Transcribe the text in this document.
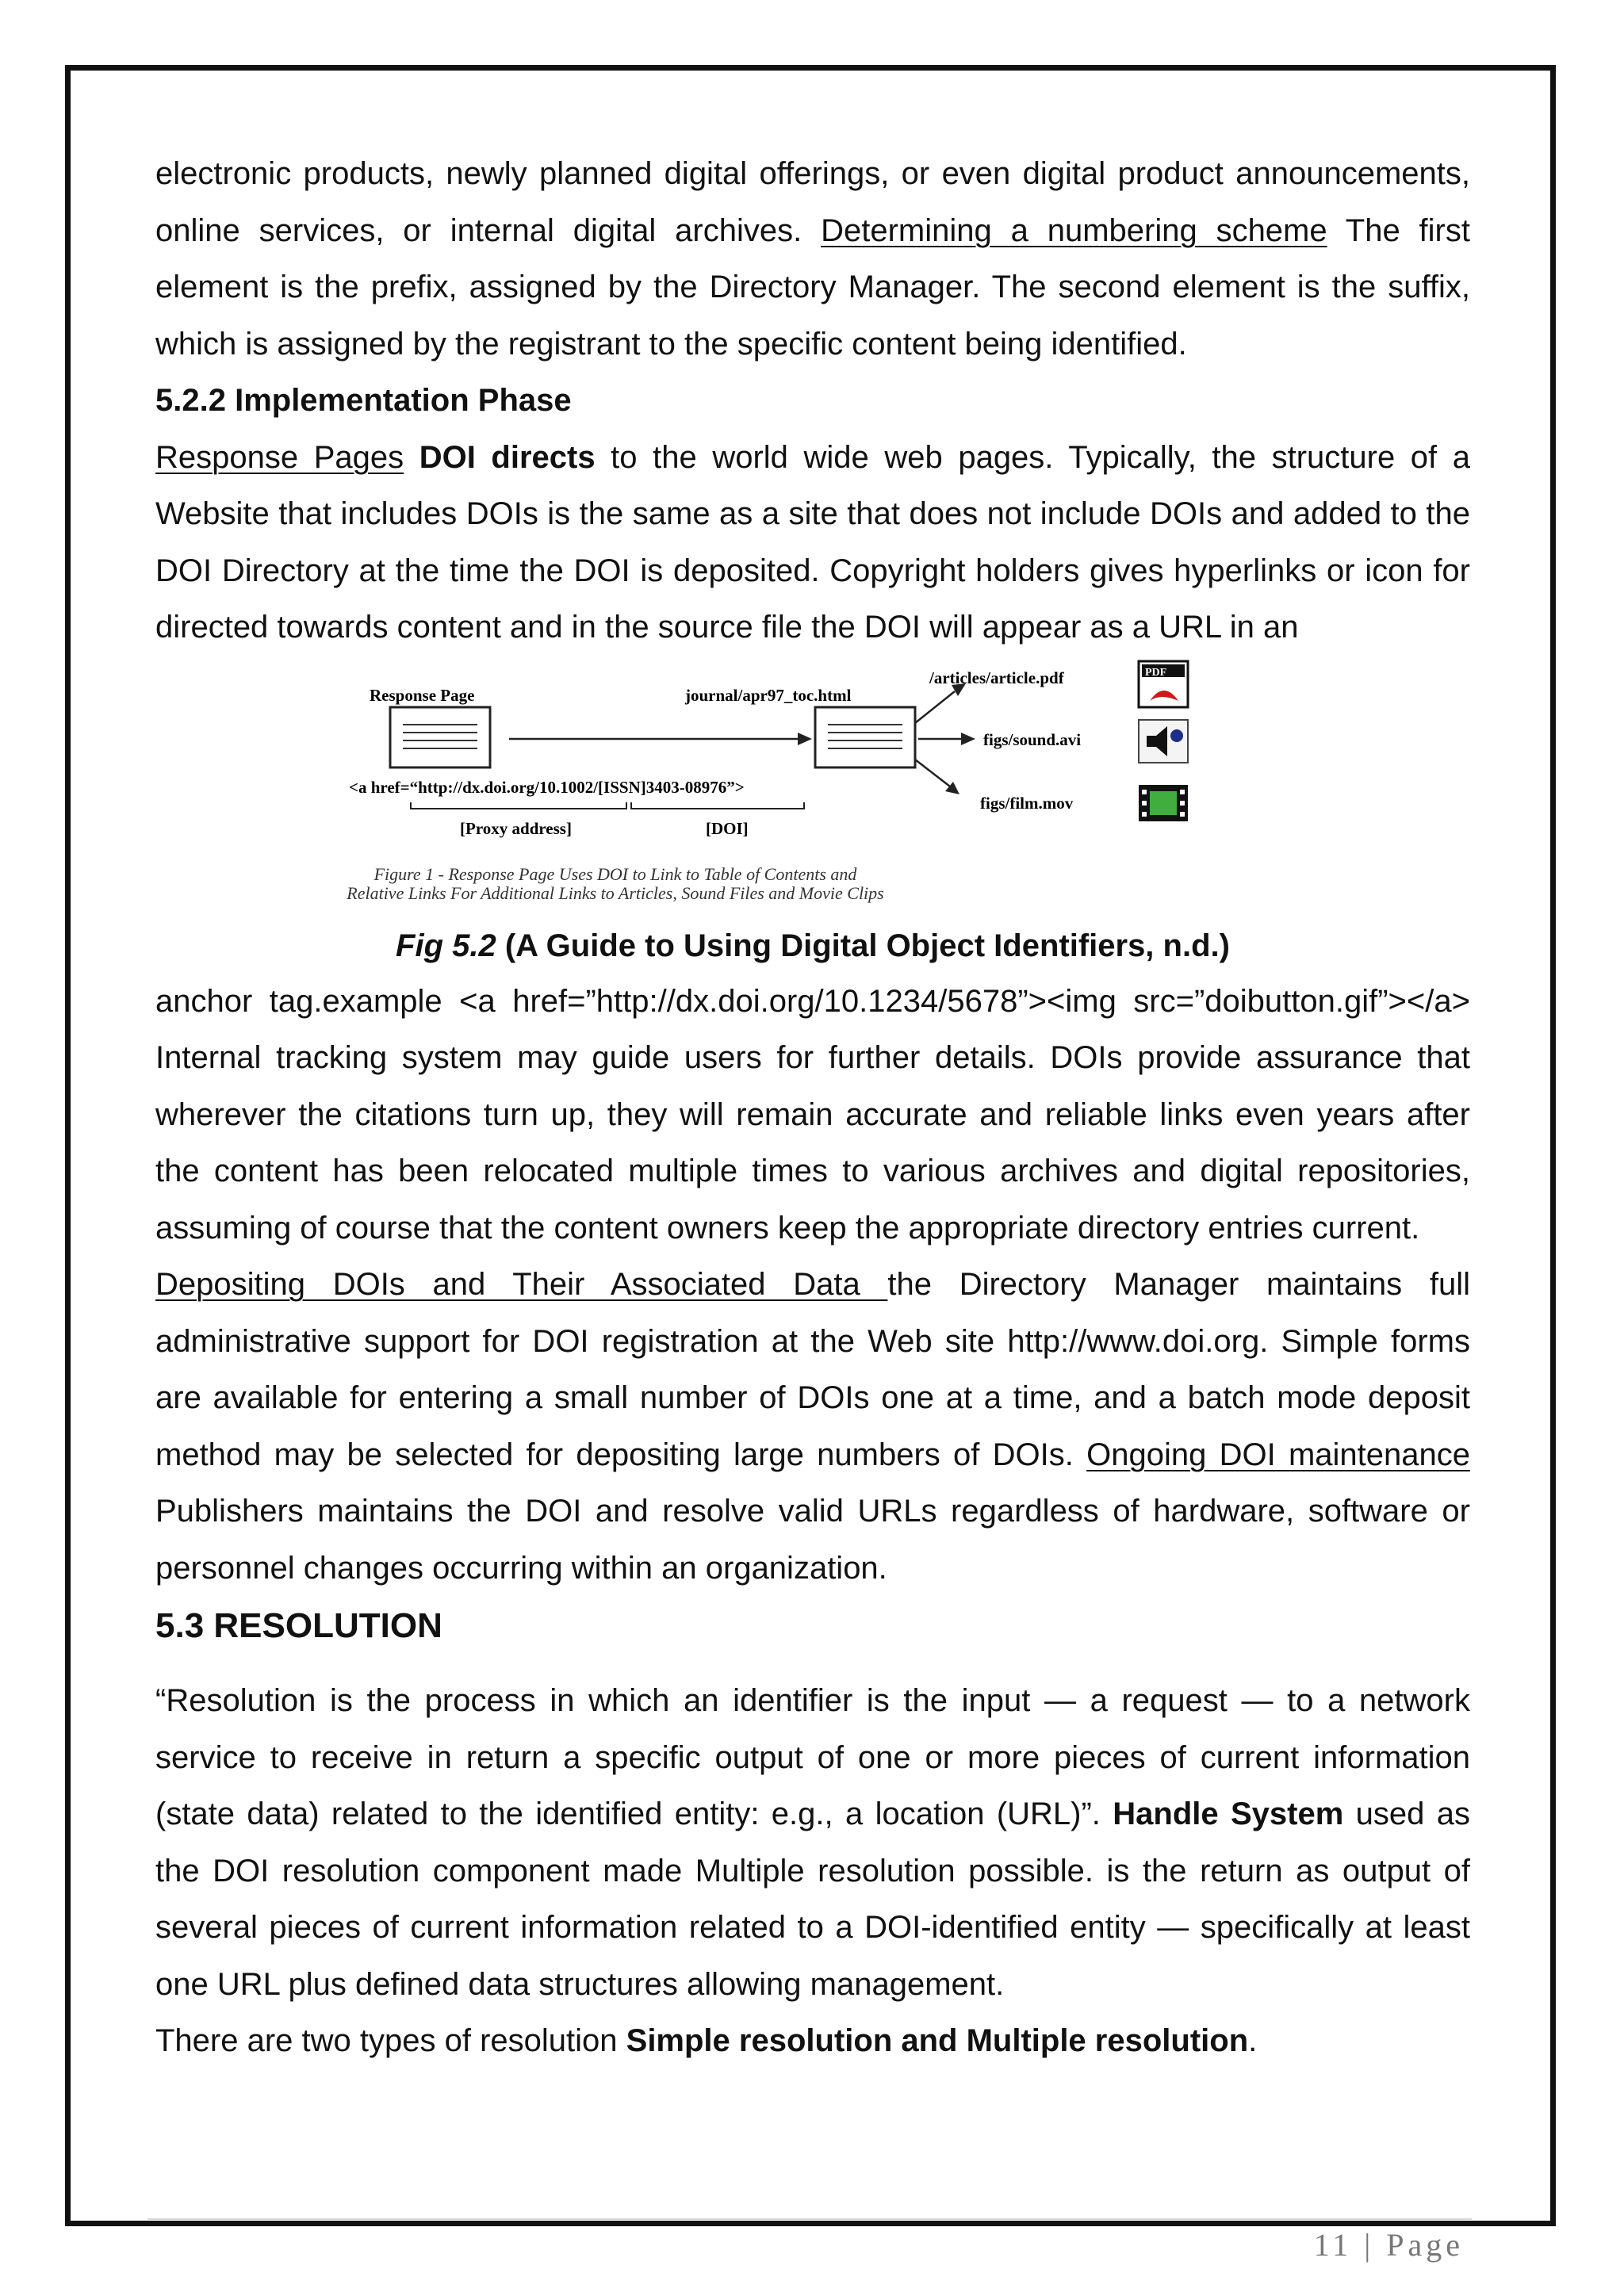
electronic products, newly planned digital offerings, or even digital product announcements, online services, or internal digital archives. Determining a numbering scheme The first element is the prefix, assigned by the Directory Manager. The second element is the suffix, which is assigned by the registrant to the specific content being identified.

5.2.2 Implementation Phase

Response Pages DOI directs to the world wide web pages. Typically, the structure of a Website that includes DOIs is the same as a site that does not include DOIs and added to the DOI Directory at the time the DOI is deposited. Copyright holders gives hyperlinks or icon for directed towards content and in the source file the DOI will appear as a URL in an

Response Page	journal/apr97_toc.html
/articles/article.pdf	PDF
figs/sound.avi
figs/film.mov
<a href=“http://dx.doi.org/10.1002/[ISSN]3403-08976”>
[Proxy address]	[DOI]
Figure 1 - Response Page Uses DOI to Link to Table of Contents and
Relative Links For Additional Links to Articles, Sound Files and Movie Clips
Fig 5.2 (A Guide to Using Digital Object Identifiers, n.d.)

anchor tag.example <a href=”http://dx.doi.org/10.1234/5678”><img src=”doibutton.gif”></a> Internal tracking system may guide users for further details. DOIs provide assurance that wherever the citations turn up, they will remain accurate and reliable links even years after the content has been relocated multiple times to various archives and digital repositories, assuming of course that the content owners keep the appropriate directory entries current.

Depositing DOIs and Their Associated Data the Directory Manager maintains full administrative support for DOI registration at the Web site http://www.doi.org. Simple forms are available for entering a small number of DOIs one at a time, and a batch mode deposit method may be selected for depositing large numbers of DOIs. Ongoing DOI maintenance Publishers maintains the DOI and resolve valid URLs regardless of hardware, software or personnel changes occurring within an organization.

5.3 RESOLUTION

“Resolution is the process in which an identifier is the input — a request — to a network service to receive in return a specific output of one or more pieces of current information (state data) related to the identified entity: e.g., a location (URL)”. Handle System used as the DOI resolution component made Multiple resolution possible. is the return as output of several pieces of current information related to a DOI-identified entity — specifically at least one URL plus defined data structures allowing management.

There are two types of resolution Simple resolution and Multiple resolution.

11 | Page
